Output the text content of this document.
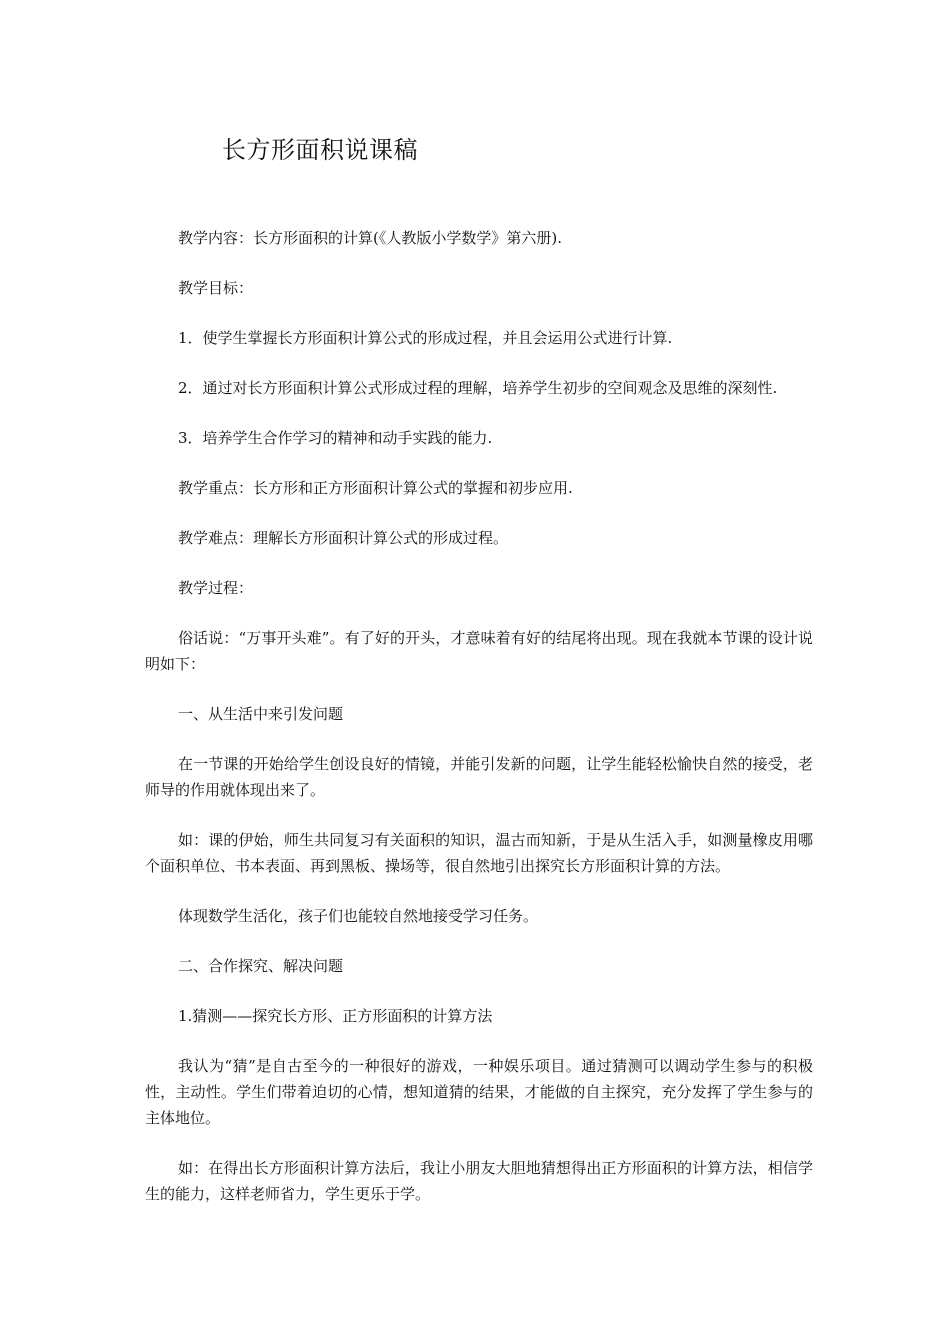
长方形面积说课稿

教学内容：长方形面积的计算(《人教版小学数学》第六册).

教学目标：

1．使学生掌握长方形面积计算公式的形成过程，并且会运用公式进行计算.

2．通过对长方形面积计算公式形成过程的理解，培养学生初步的空间观念及思维的深刻性.

3．培养学生合作学习的精神和动手实践的能力.

教学重点：长方形和正方形面积计算公式的掌握和初步应用.

教学难点：理解长方形面积计算公式的形成过程。

教学过程：

俗话说：“万事开头难”。有了好的开头，才意味着有好的结尾将出现。现在我就本节课的设计说明如下：

一、从生活中来引发问题

在一节课的开始给学生创设良好的情镜，并能引发新的问题，让学生能轻松愉快自然的接受，老师导的作用就体现出来了。

如：课的伊始，师生共同复习有关面积的知识，温古而知新，于是从生活入手，如测量橡皮用哪个面积单位、书本表面、再到黑板、操场等，很自然地引出探究长方形面积计算的方法。

体现数学生活化，孩子们也能较自然地接受学习任务。

二、合作探究、解决问题

1.猜测——探究长方形、正方形面积的计算方法

我认为“猜”是自古至今的一种很好的游戏，一种娱乐项目。通过猜测可以调动学生参与的积极性，主动性。学生们带着迫切的心情，想知道猜的结果，才能做的自主探究，充分发挥了学生参与的主体地位。

如：在得出长方形面积计算方法后，我让小朋友大胆地猜想得出正方形面积的计算方法，相信学生的能力，这样老师省力，学生更乐于学。
